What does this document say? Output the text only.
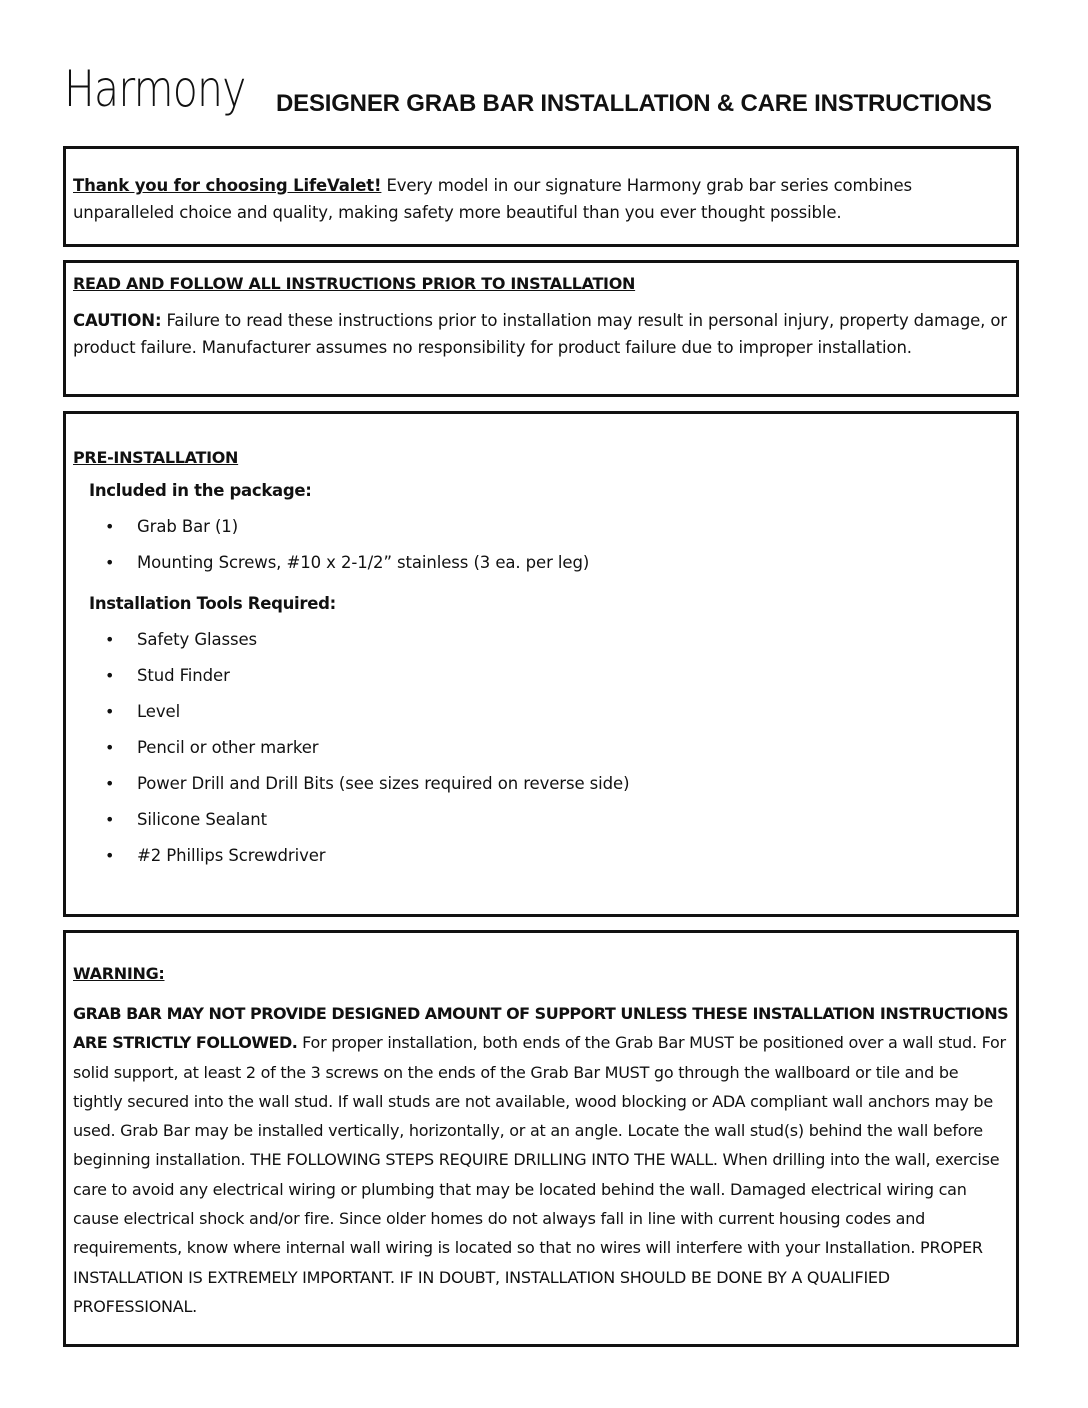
Harmony DESIGNER GRAB BAR INSTALLATION & CARE INSTRUCTIONS

Thank you for choosing LifeValet! Every model in our signature Harmony grab bar series combines unparalleled choice and quality, making safety more beautiful than you ever thought possible.

READ AND FOLLOW ALL INSTRUCTIONS PRIOR TO INSTALLATION

CAUTION: Failure to read these instructions prior to installation may result in personal injury, property damage, or product failure. Manufacturer assumes no responsibility for product failure due to improper installation.

PRE-INSTALLATION
Included in the package:
• Grab Bar (1)
• Mounting Screws, #10 x 2-1/2” stainless (3 ea. per leg)
Installation Tools Required:
• Safety Glasses
• Stud Finder
• Level
• Pencil or other marker
• Power Drill and Drill Bits (see sizes required on reverse side)
• Silicone Sealant
• #2 Phillips Screwdriver
WARNING:

GRAB BAR MAY NOT PROVIDE DESIGNED AMOUNT OF SUPPORT UNLESS THESE INSTALLATION INSTRUCTIONS ARE STRICTLY FOLLOWED. For proper installation, both ends of the Grab Bar MUST be positioned over a wall stud. For solid support, at least 2 of the 3 screws on the ends of the Grab Bar MUST go through the wallboard or tile and be tightly secured into the wall stud. If wall studs are not available, wood blocking or ADA compliant wall anchors may be used. Grab Bar may be installed vertically, horizontally, or at an angle. Locate the wall stud(s) behind the wall before beginning installation. THE FOLLOWING STEPS REQUIRE DRILLING INTO THE WALL. When drilling into the wall, exercise care to avoid any electrical wiring or plumbing that may be located behind the wall. Damaged electrical wiring can cause electrical shock and/or fire. Since older homes do not always fall in line with current housing codes and requirements, know where internal wall wiring is located so that no wires will interfere with your Installation. PROPER INSTALLATION IS EXTREMELY IMPORTANT. IF IN DOUBT, INSTALLATION SHOULD BE DONE BY A QUALIFIED PROFESSIONAL.
